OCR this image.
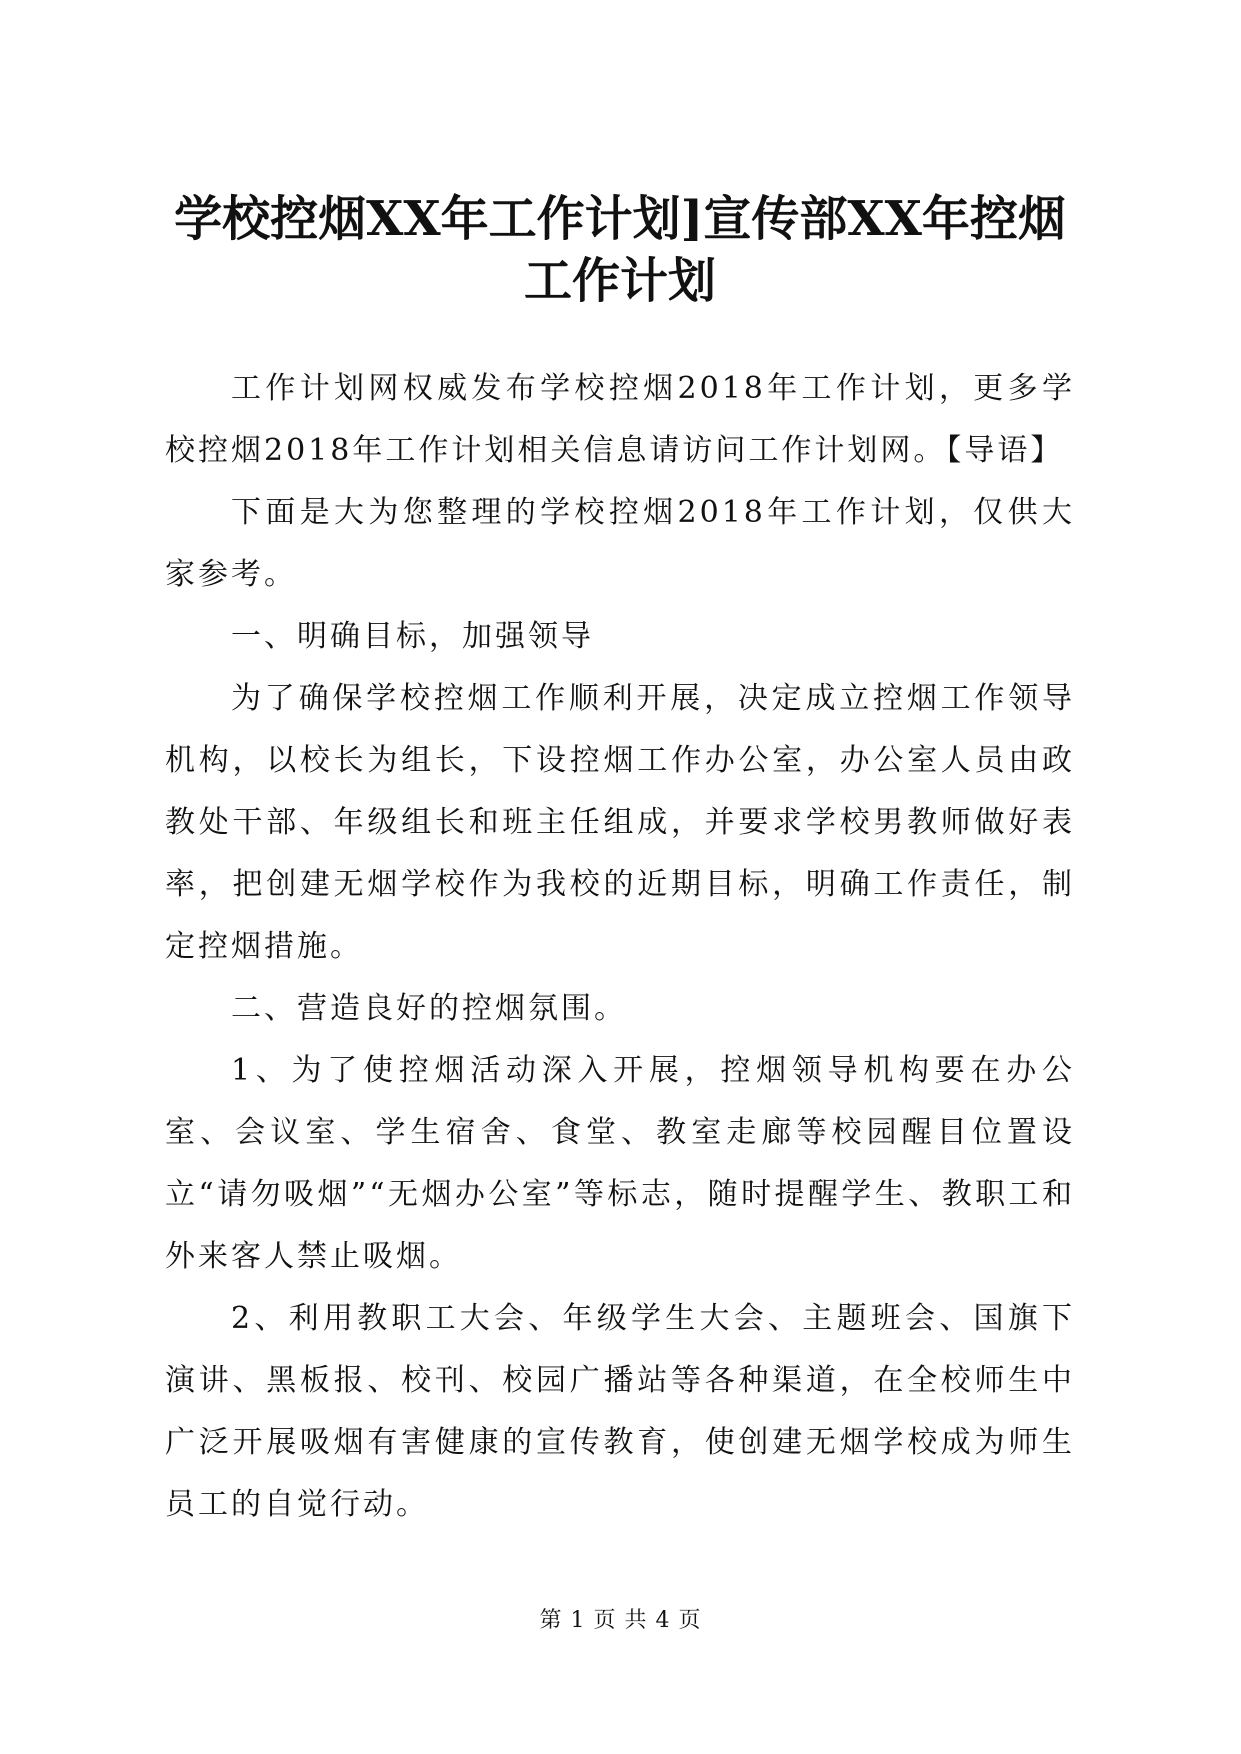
学校控烟XX年工作计划]宣传部XX年控烟工作计划

工作计划网权威发布学校控烟2018年工作计划，更多学校控烟2018年工作计划相关信息请访问工作计划网。【导语】

下面是大为您整理的学校控烟2018年工作计划，仅供大家参考。

一、明确目标，加强领导

为了确保学校控烟工作顺利开展，决定成立控烟工作领导机构，以校长为组长，下设控烟工作办公室，办公室人员由政教处干部、年级组长和班主任组成，并要求学校男教师做好表率，把创建无烟学校作为我校的近期目标，明确工作责任，制定控烟措施。

二、营造良好的控烟氛围。

1、为了使控烟活动深入开展，控烟领导机构要在办公室、会议室、学生宿舍、食堂、教室走廊等校园醒目位置设立“请勿吸烟”“无烟办公室”等标志，随时提醒学生、教职工和外来客人禁止吸烟。

2、利用教职工大会、年级学生大会、主题班会、国旗下演讲、黑板报、校刊、校园广播站等各种渠道，在全校师生中广泛开展吸烟有害健康的宣传教育，使创建无烟学校成为师生员工的自觉行动。

第 1 页 共 4 页
